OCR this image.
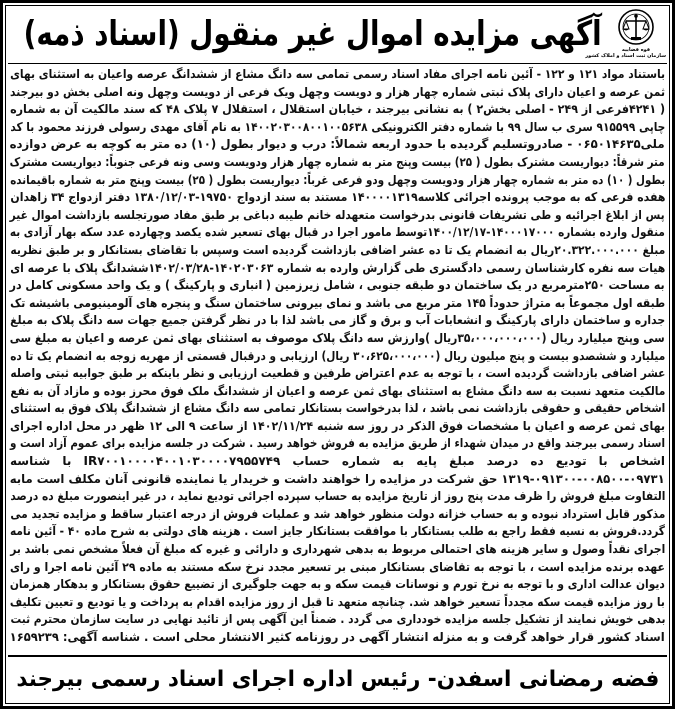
قوه قضاییه
سازمان ثبت اسناد و املاک کشور
آگهی مزایده اموال غیر منقول (اسناد ذمه)
باستناد مواد ۱۲۱ و ۱۲۲ - آئین نامه اجرای مفاد اسناد رسمی تمامی سه دانگ مشاع از ششدانگ عرصه واعیان به استثنای بهای
ثمن عرصه و اعیان دارای پلاک ثبتی شماره چهار هزار و دویست وچهل ویک فرعی از دویست وچهل ونه اصلی بخش دو بیرجند
( ۴۲۴۱فرعی از ۲۴۹ - اصلی بخش۲ ) به نشانی بیرجند ، خیابان استقلال ، استقلال ۷ پلاک ۴۸ که سند مالکیت آن به شماره
چاپی ۹۱۵۵۹۹ سری ب سال ۹۹ با شماره دفتر الکترونیکی ۱۴۰۰۲۰۳۰۰۸۰۰۱۰۰۵۶۳۸ به نام آقای مهدی رسولی فرزند محمود با کد
ملی۰۶۵۰۱۴۶۳۵ - صادروتسلیم گردیده با حدود اربعه شمالاً: درب و دیوار بطول (۱۰) ده متر به کوچه به عرض دوازده
متر شرقاً: دیواریست مشترک بطول ( ۲۵) بیست وپنج متر به شماره چهار هزار ودویست وسی ونه فرعی جنوباً: دیواریست مشترک
بطول ( ۱۰) ده متر به شماره چهار هزار ودویست وچهل ودو فرعی غرباً: دیواریست بطول ( ۲۵) بیست وپنج متر به شماره باقیمانده
هفده فرعی که به موجب پرونده اجرائی کلاسه۱۴۰۰۰۰۱۳۱۹ مستند به سند ازدواج ۱۹۷۵۰-۱۳۸۰/۱۲/۰۳ دفتر ازدواج ۳۴ زاهدان
پس از ابلاغ اجرائیه و طی تشریفات قانونی بدرخواست متعهدله خانم طیبه دباغی بر طبق مفاد صورتجلسه بازداشت اموال غیر
منقول وارده بشماره ۱۴۰۰۰۱۷۰۰۰-۱۴۰۰/۱۲/۱۷توسط مامور اجرا در قبال بهای تسعیر شده یکصد وچهارده عدد سکه بهار آزادی به
مبلغ ۲۰.۳۲۲.۰۰۰.۰۰۰ریال به انضمام یک تا ده عشر اضافی بازداشت گردیده است وسپس با تقاضای بستانکار و بر طبق نظریه
هیات سه نفره کارشناسان رسمی دادگستری طی گزارش وارده به شماره ۱۴۰۲۰۳۰۶۳-۱۴۰۲/۰۳/۲۸ششدانگ پلاک با عرصه ای
به مساحت ۲۵۰مترمربع در یک ساختمان دو طبقه جنوبی ، شامل زیرزمین ( انباری و پارکینگ ) و یک واحد مسکونی کامل در
طبقه اول مجموعاً به متراژ حدوداً ۱۴۵ متر مربع می باشد و نمای بیرونی ساختمان سنگ و پنجره های آلومینیومی باشیشه تک
جداره و ساختمان دارای پارکینگ و انشعابات آب و برق و گاز می باشد لذا با در نظر گرفتن جمیع جهات سه دانگ پلاک به مبلغ
سی وپنج میلیارد ریال (۳۵،۰۰۰،۰۰۰،۰۰۰ریال )وارزش سه دانگ پلاک موصوف به استثنای بهای ثمن عرصه و اعیان به مبلغ سی
میلیارد و ششصدو بیست و پنج میلیون ریال (۳۰،۶۲۵،۰۰۰،۰۰۰ ریال) ارزیابی و درقبال قسمتی از مهریه زوجه به انضمام یک تا ده
عشر اضافی بازداشت گردیده است ، با توجه به عدم اعتراض طرفین و قطعیت ارزیابی و نظر باینکه بر طبق جوابیه ثبتی واصله
مالکیت متعهد نسبت به سه دانگ مشاع به استثنای بهای ثمن عرصه و اعیان از ششدانگ ملک فوق محرز بوده و مازاد آن به نفع
اشخاص حقیقی و حقوقی بازداشت نمی باشد ، لذا بدرخواست بستانکار تمامی سه دانگ مشاع از ششدانگ پلاک فوق به استثنای
بهای ثمن عرصه و اعیان با مشخصات فوق الذکر در روز سه شنبه ۱۴۰۲/۱۱/۲۴ از ساعت ۹ الی ۱۲ ظهر در محل اداره اجرای
اسناد رسمی بیرجند واقع در میدان شهداء از طریق مزایده به فروش خواهد رسید . شرکت در جلسه مزایده برای عموم آزاد است و
اشخاص با تودیع ده درصد مبلغ پایه به شماره حساب IR۷۰۰۱۰۰۰۰۴۰۰۱۰۳۰۰۰۰۷۹۵۵۷۴۹ با شناسه
۱۳۱۹-۰۹۱۳۰۰-۰۰۸۵۰۰-۰۹۷۳۱ حق شرکت در مزایده را خواهند داشت و خریدار یا نماینده قانونی آنان مکلف است مابه
التفاوت مبلغ فروش را ظرف مدت پنج روز از تاریخ مزایده به حساب سپرده اجرائی تودیع نماید ، در غیر اینصورت مبلغ ده درصد
مذکور قابل استرداد نبوده و به حساب خزانه دولت منظور خواهد شد و عملیات فروش از درجه اعتبار ساقط و مزایده تجدید می
گردد.فروش به نسیه فقط راجع به طلب بستانکار با موافقت بستانکار جایز است . هزینه های دولتی به شرح ماده ۴۰ - آئین نامه
اجرای نقداً وصول و سایر هزینه های احتمالی مربوط به بدهی شهرداری و دارائی و غیره که مبلغ آن فعلاً مشخص نمی باشد بر
عهده برنده مزایده است ، با توجه به تقاضای بستانکار مبنی بر تسعیر مجدد نرخ سکه مستند به ماده ۲۹ آئین نامه اجرا و رای
دیوان عدالت اداری و با توجه به نرخ تورم و نوسانات قیمت سکه و به جهت جلوگیری از تضییع حقوق بستانکار و بدهکار همزمان
با روز مزایده قیمت سکه مجدداً تسعیر خواهد شد. چنانچه متعهد تا قبل از روز مزایده اقدام به پرداخت و یا تودیع و تعیین تکلیف
بدهی خویش نمایند از تشکیل جلسه مزایده خودداری می گردد . ضمناً این آگهی پس از تائید نهایی در سایت سازمان محترم ثبت
اسناد کشور قرار خواهد گرفت و به منزله انتشار آگهی در روزنامه کثیر الانتشار محلی است . شناسه آگهی: ۱۶۵۹۲۳۹
فضه رمضانی اسفدن- رئیس اداره اجرای اسناد رسمی بیرجند
